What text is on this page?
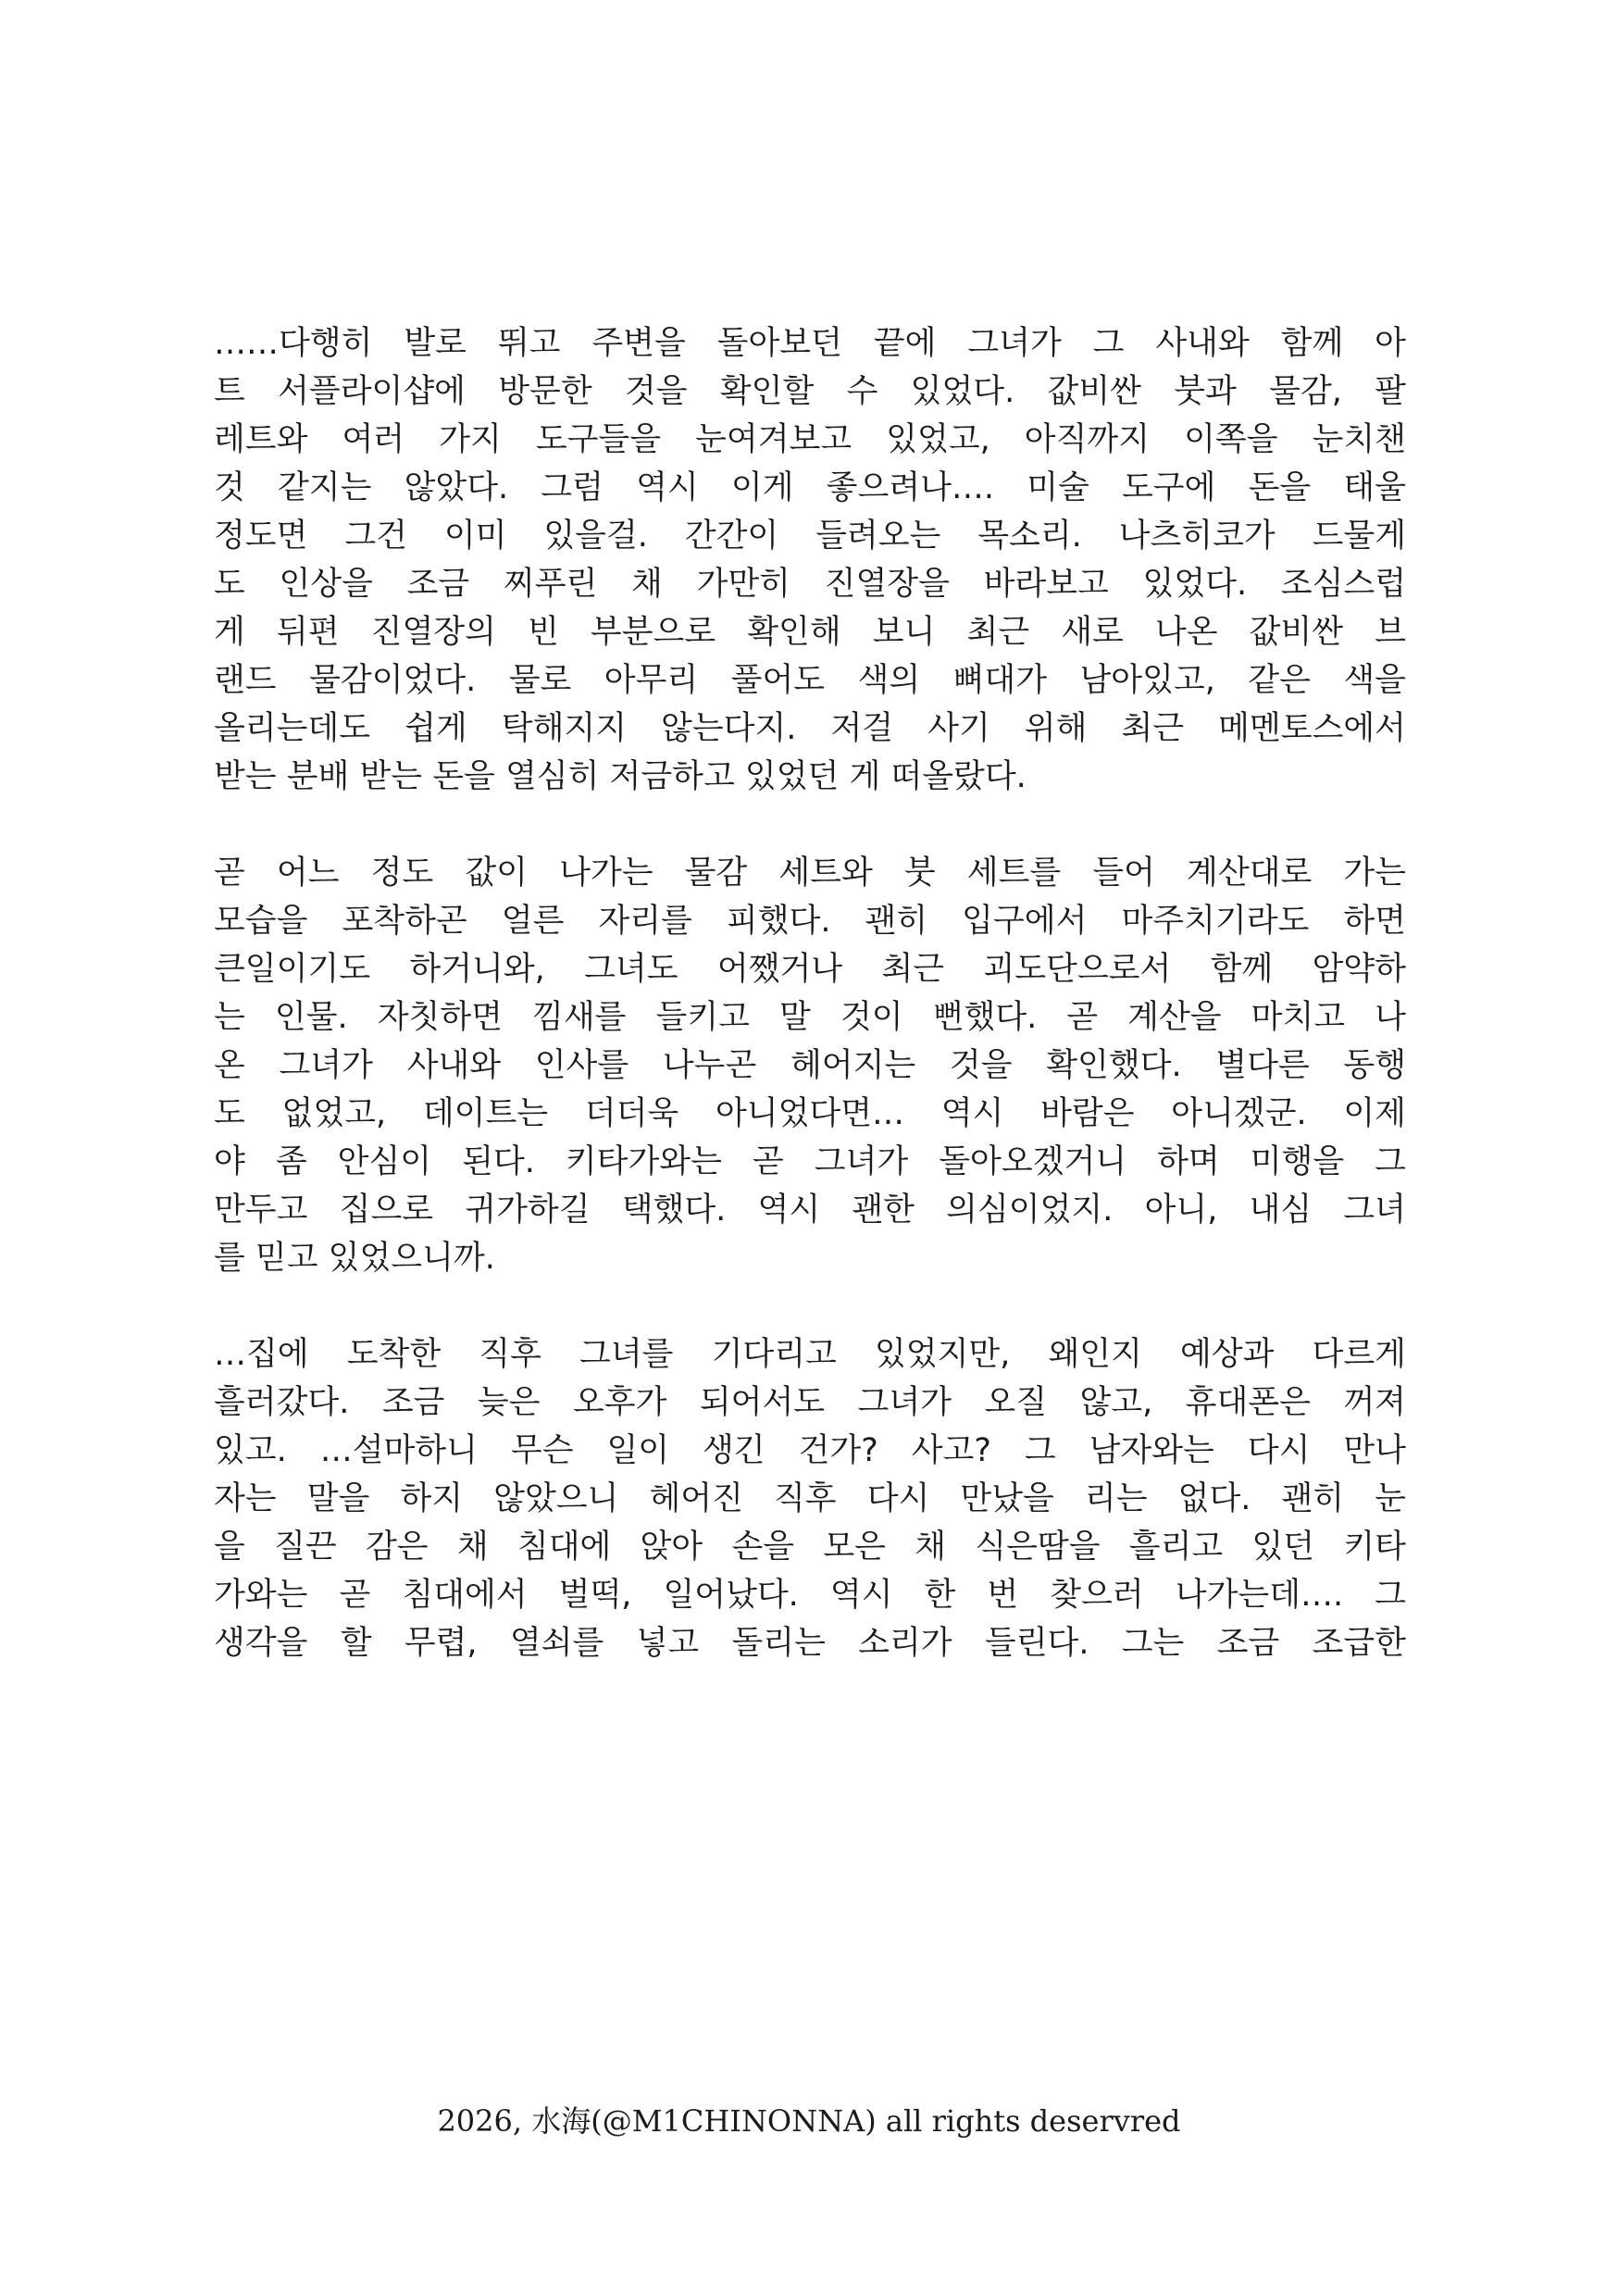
……다행히 발로 뛰고 주변을 돌아보던 끝에 그녀가 그 사내와 함께 아
트 서플라이샵에 방문한 것을 확인할 수 있었다. 값비싼 붓과 물감, 팔
레트와 여러 가지 도구들을 눈여겨보고 있었고, 아직까지 이쪽을 눈치챈
것 같지는 않았다. 그럼 역시 이게 좋으려나…. 미술 도구에 돈을 태울
정도면 그건 이미 있을걸. 간간이 들려오는 목소리. 나츠히코가 드물게
도 인상을 조금 찌푸린 채 가만히 진열장을 바라보고 있었다. 조심스럽
게 뒤편 진열장의 빈 부분으로 확인해 보니 최근 새로 나온 값비싼 브
랜드 물감이었다. 물로 아무리 풀어도 색의 뼈대가 남아있고, 같은 색을
올리는데도 쉽게 탁해지지 않는다지. 저걸 사기 위해 최근 메멘토스에서
받는 분배 받는 돈을 열심히 저금하고 있었던 게 떠올랐다.
곧 어느 정도 값이 나가는 물감 세트와 붓 세트를 들어 계산대로 가는
모습을 포착하곤 얼른 자리를 피했다. 괜히 입구에서 마주치기라도 하면
큰일이기도 하거니와, 그녀도 어쨌거나 최근 괴도단으로서 함께 암약하
는 인물. 자칫하면 낌새를 들키고 말 것이 뻔했다. 곧 계산을 마치고 나
온 그녀가 사내와 인사를 나누곤 헤어지는 것을 확인했다. 별다른 동행
도 없었고, 데이트는 더더욱 아니었다면… 역시 바람은 아니겠군. 이제
야 좀 안심이 된다. 키타가와는 곧 그녀가 돌아오겠거니 하며 미행을 그
만두고 집으로 귀가하길 택했다. 역시 괜한 의심이었지. 아니, 내심 그녀
를 믿고 있었으니까.
…집에 도착한 직후 그녀를 기다리고 있었지만, 왜인지 예상과 다르게
흘러갔다. 조금 늦은 오후가 되어서도 그녀가 오질 않고, 휴대폰은 꺼져
있고. …설마하니 무슨 일이 생긴 건가? 사고? 그 남자와는 다시 만나
자는 말을 하지 않았으니 헤어진 직후 다시 만났을 리는 없다. 괜히 눈
을 질끈 감은 채 침대에 앉아 손을 모은 채 식은땀을 흘리고 있던 키타
가와는 곧 침대에서 벌떡, 일어났다. 역시 한 번 찾으러 나가는데…. 그
생각을 할 무렵, 열쇠를 넣고 돌리는 소리가 들린다. 그는 조금 조급한
2026, 水海(@M1CHINONNA) all rights deservred
